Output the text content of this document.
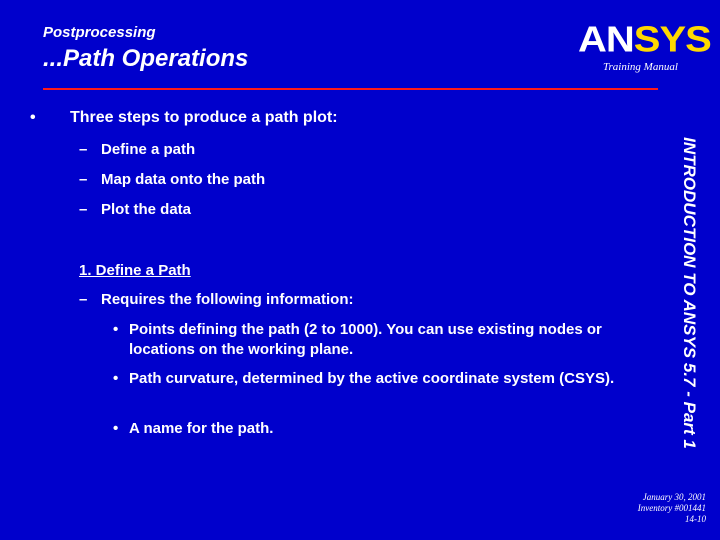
Postprocessing
...Path Operations	ANSYS
Training Manual
INTRODUCTION TO ANSYS 5.7 - Part 1
• Three steps to produce a path plot:
– Define a path
– Map data onto the path
– Plot the data
1. Define a Path
– Requires the following information:
• Points defining the path (2 to 1000). You can use existing nodes or locations on the working plane.
• Path curvature, determined by the active coordinate system (CSYS).
• A name for the path.
January 30, 2001
Inventory #001441
14-10
